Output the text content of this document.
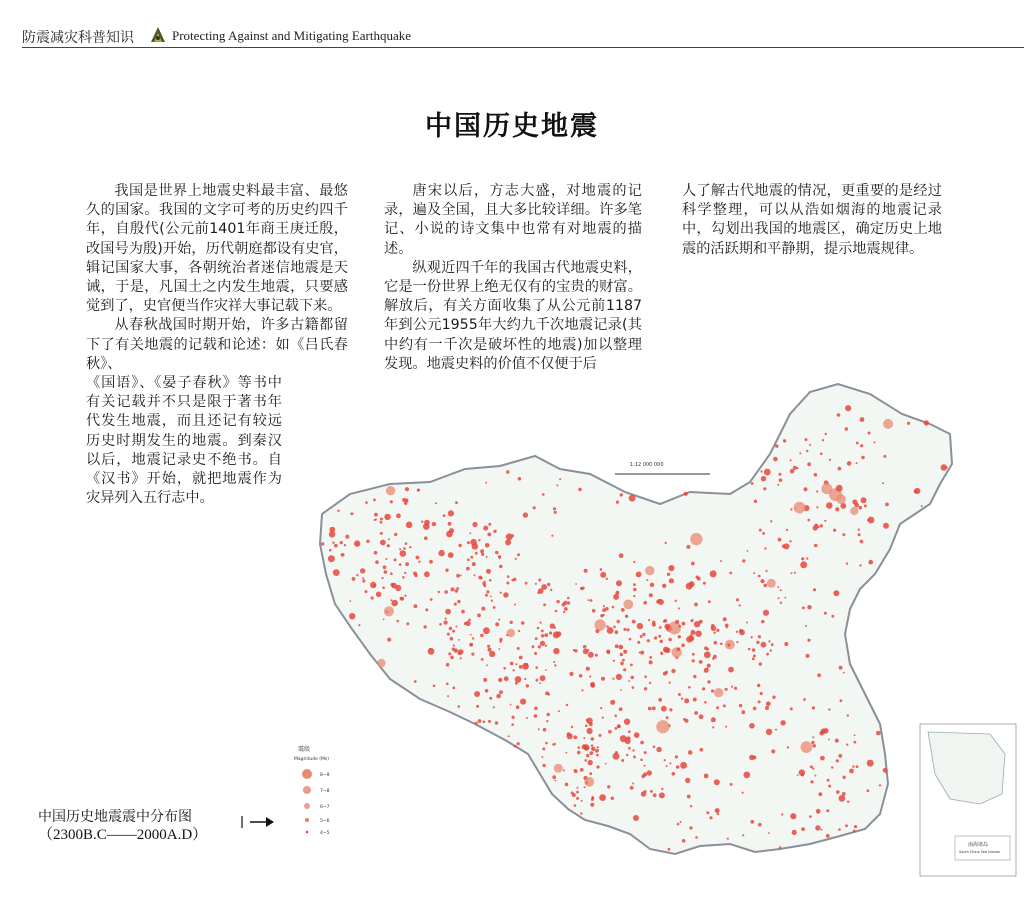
防震减灾科普知识	Protecting Against and Mitigating Earthquake
中国历史地震

我国是世界上地震史料最丰富、最悠久的国家。我国的文字可考的历史约四千年，自殷代(公元前1401年商王庚迁殷，改国号为殷)开始，历代朝庭都设有史官，辑记国家大事，各朝统治者迷信地震是天诫，于是，凡国土之内发生地震，只要感觉到了，史官便当作灾祥大事记载下来。

从春秋战国时期开始，许多古籍都留下了有关地震的记载和论述：如《吕氏春秋》、

《国语》、《晏子春秋》等书中有关记载并不只是限于著书年代发生地震，而且还记有较远历史时期发生的地震。到秦汉以后，地震记录史不绝书。自《汉书》开始，就把地震作为灾异列入五行志中。

唐宋以后，方志大盛，对地震的记录，遍及全国，且大多比较详细。许多笔记、小说的诗文集中也常有对地震的描述。

纵观近四千年的我国古代地震史料，它是一份世界上绝无仅有的宝贵的财富。解放后，有关方面收集了从公元前1187年到公元1955年大约九千次地震记录(其中约有一千次是破坏性的地震)加以整理发现。地震史料的价值不仅便于后

人了解古代地震的情况，更重要的是经过科学整理，可以从浩如烟海的地震记录中，勾划出我国的地震区，确定历史上地震的活跃期和平静期，提示地震规律。

1:12 000 000
南海诸岛
South China Sea Islands
震级
Magnitude (Ms)
8~9
7~8
6~7
5~6
4~5
中国历史地震震中分布图
（2300B.C——2000A.D）
